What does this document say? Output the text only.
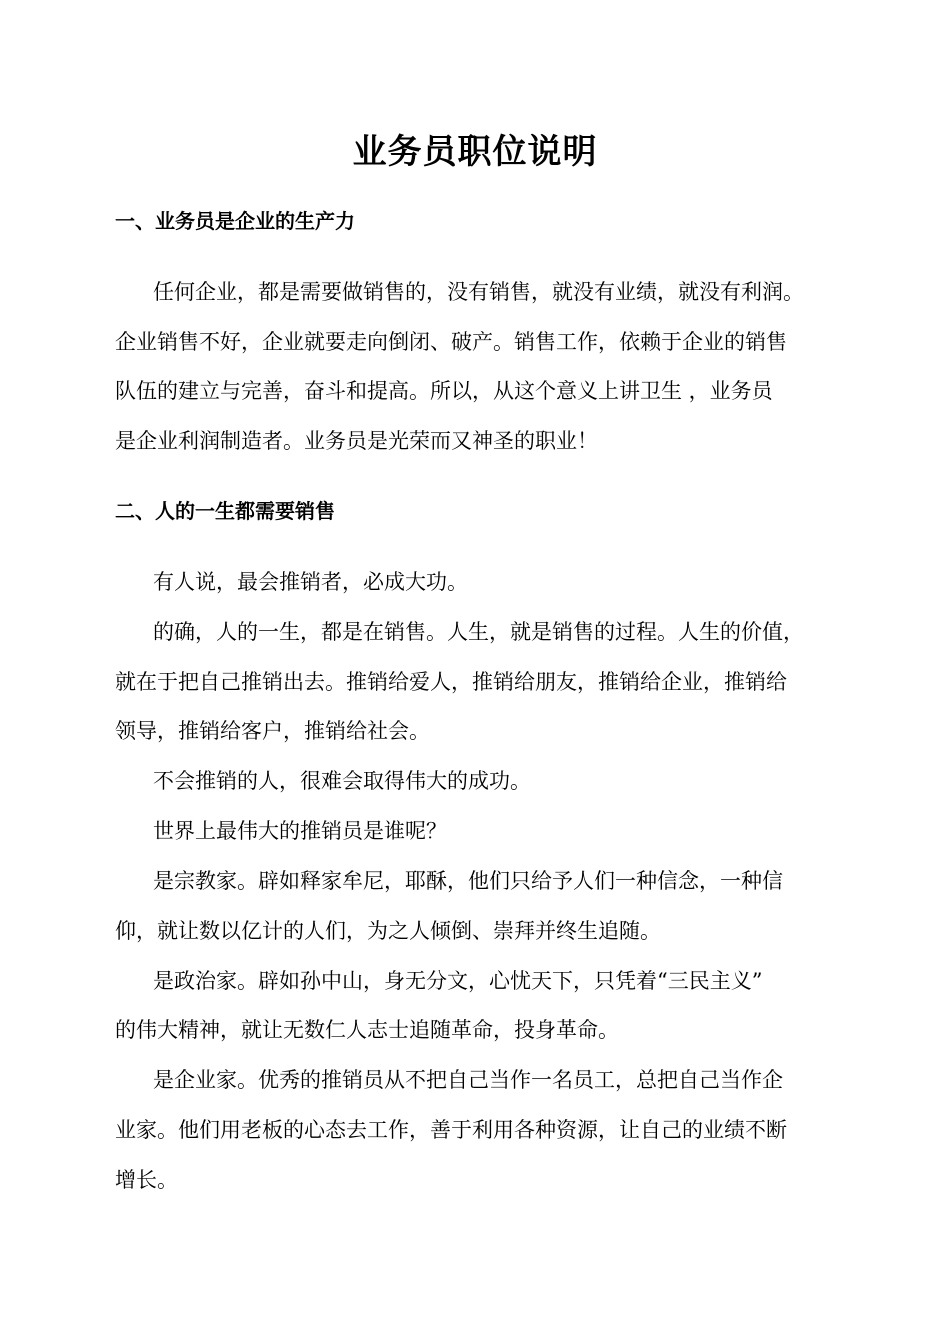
业务员职位说明
一、业务员是企业的生产力

任何企业，都是需要做销售的，没有销售，就没有业绩，就没有利润。

企业销售不好，企业就要走向倒闭、破产。销售工作，依赖于企业的销售

队伍的建立与完善，奋斗和提高。所以，从这个意义上讲卫生 ，业务员

是企业利润制造者。业务员是光荣而又神圣的职业！

二、人的一生都需要销售

有人说，最会推销者，必成大功。

的确，人的一生，都是在销售。人生，就是销售的过程。人生的价值，

就在于把自己推销出去。推销给爱人，推销给朋友，推销给企业，推销给

领导，推销给客户，推销给社会。

不会推销的人，很难会取得伟大的成功。

世界上最伟大的推销员是谁呢？

是宗教家。辟如释家牟尼，耶酥，他们只给予人们一种信念，一种信

仰，就让数以亿计的人们，为之人倾倒、崇拜并终生追随。

是政治家。辟如孙中山，身无分文，心忧天下，只凭着“三民主义”

的伟大精神，就让无数仁人志士追随革命，投身革命。

是企业家。优秀的推销员从不把自己当作一名员工，总把自己当作企

业家。他们用老板的心态去工作，善于利用各种资源，让自己的业绩不断

增长。
